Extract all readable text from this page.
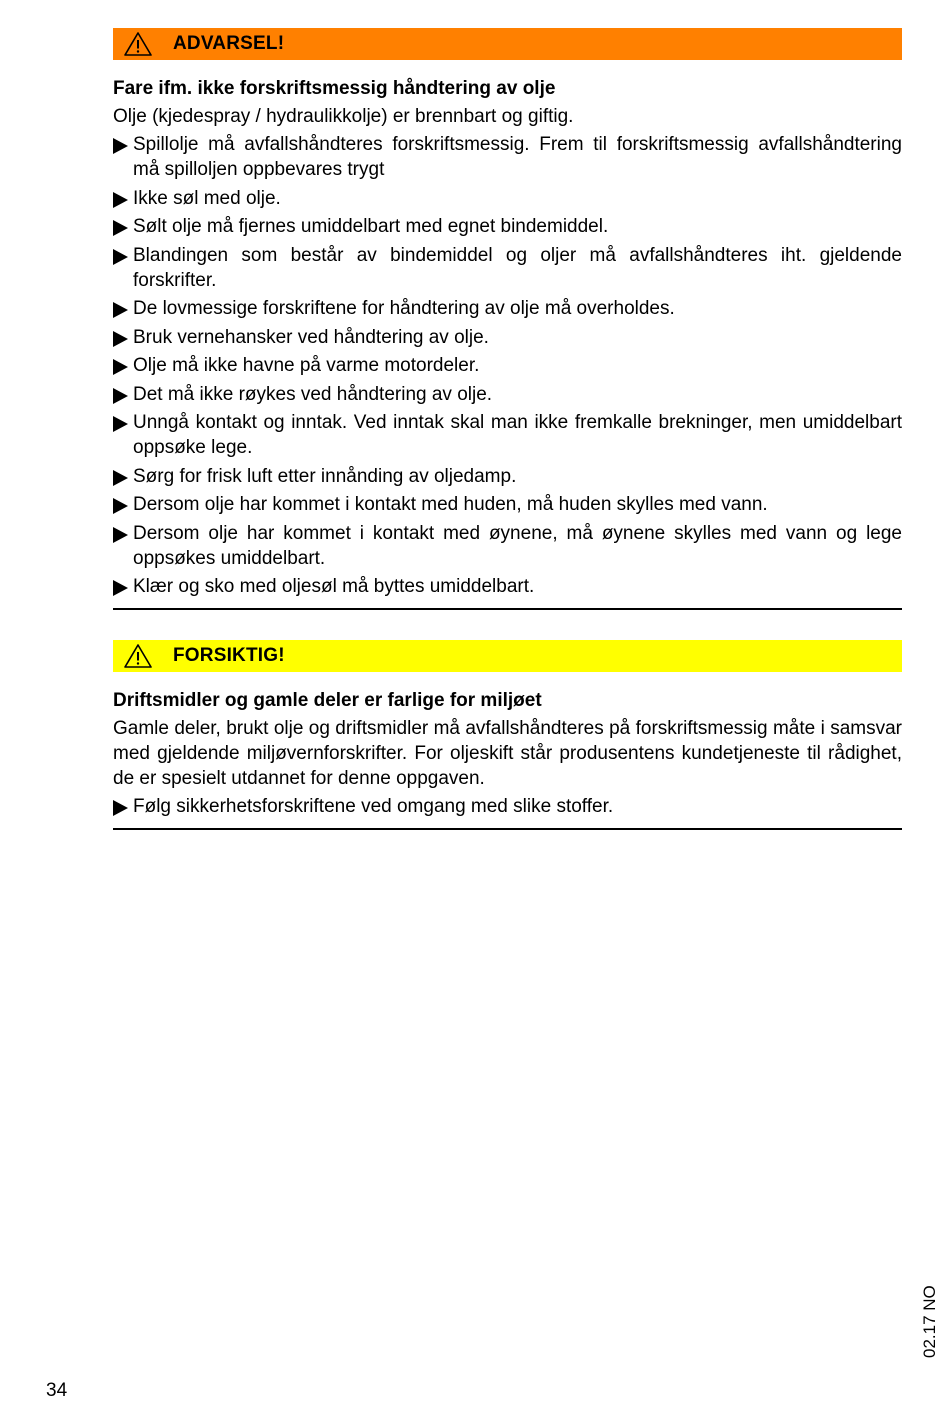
ADVARSEL!
Fare ifm. ikke forskriftsmessig håndtering av olje
Olje (kjedespray / hydraulikkolje) er brennbart og giftig.
Spillolje må avfallshåndteres forskriftsmessig. Frem til forskriftsmessig avfallshåndtering må spilloljen oppbevares trygt
Ikke søl med olje.
Sølt olje må fjernes umiddelbart med egnet bindemiddel.
Blandingen som består av bindemiddel og oljer må avfallshåndteres iht. gjeldende forskrifter.
De lovmessige forskriftene for håndtering av olje må overholdes.
Bruk vernehansker ved håndtering av olje.
Olje må ikke havne på varme motordeler.
Det må ikke røykes ved håndtering av olje.
Unngå kontakt og inntak. Ved inntak skal man ikke fremkalle brekninger, men umiddelbart oppsøke lege.
Sørg for frisk luft etter innånding av oljedamp.
Dersom olje har kommet i kontakt med huden, må huden skylles med vann.
Dersom olje har kommet i kontakt med øynene, må øynene skylles med vann og lege oppsøkes umiddelbart.
Klær og sko med oljesøl må byttes umiddelbart.
FORSIKTIG!
Driftsmidler og gamle deler er farlige for miljøet
Gamle deler, brukt olje og driftsmidler må avfallshåndteres på forskriftsmessig måte i samsvar med gjeldende miljøvernforskrifter. For oljeskift står produsentens kundetjeneste til rådighet, de er spesielt utdannet for denne oppgaven.
Følg sikkerhetsforskriftene ved omgang med slike stoffer.
34
02.17 NO
